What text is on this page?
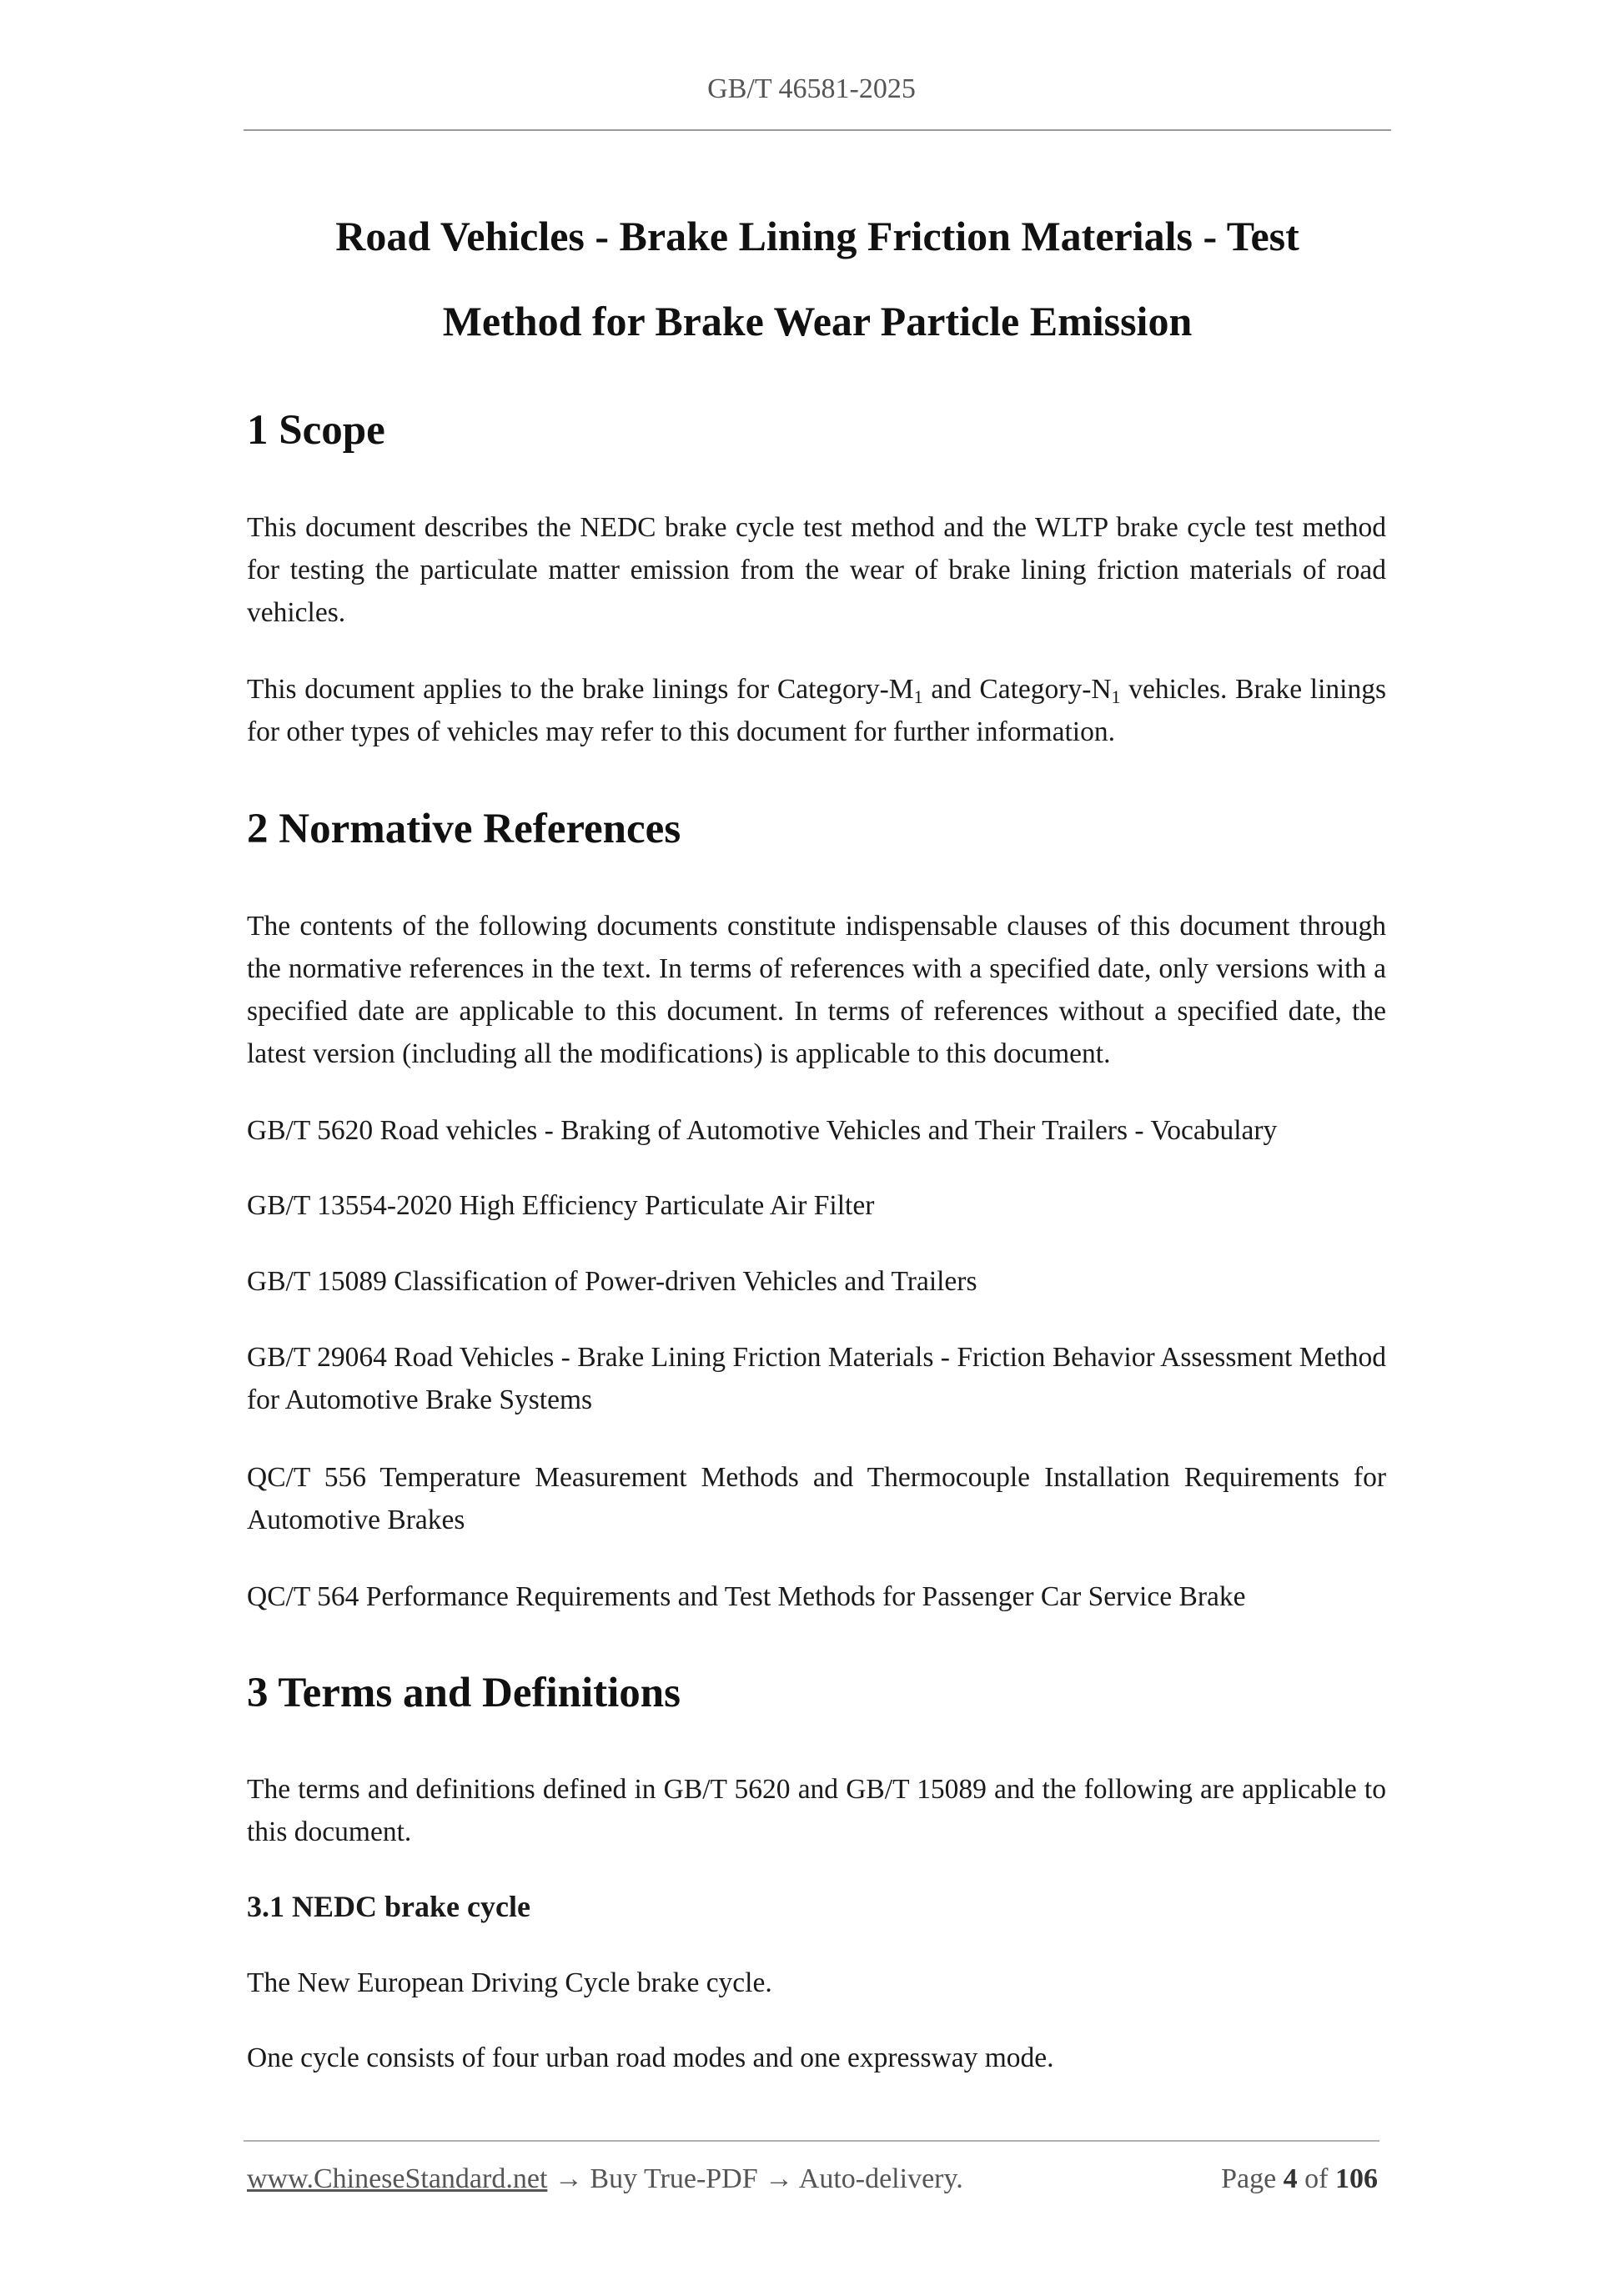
GB/T 46581-2025
Road Vehicles - Brake Lining Friction Materials - Test
Method for Brake Wear Particle Emission
1 Scope

This document describes the NEDC brake cycle test method and the WLTP brake cycle test method for testing the particulate matter emission from the wear of brake lining friction materials of road vehicles.

This document applies to the brake linings for Category-$M_1$ and Category-$N_1$ vehicles. Brake linings for other types of vehicles may refer to this document for further information.

2 Normative References

The contents of the following documents constitute indispensable clauses of this document through the normative references in the text. In terms of references with a specified date, only versions with a specified date are applicable to this document. In terms of references without a specified date, the latest version (including all the modifications) is applicable to this document.

GB/T 5620 Road vehicles - Braking of Automotive Vehicles and Their Trailers - Vocabulary

GB/T 13554-2020 High Efficiency Particulate Air Filter

GB/T 15089 Classification of Power-driven Vehicles and Trailers

GB/T 29064 Road Vehicles - Brake Lining Friction Materials - Friction Behavior Assessment Method for Automotive Brake Systems

QC/T 556 Temperature Measurement Methods and Thermocouple Installation Requirements for Automotive Brakes

QC/T 564 Performance Requirements and Test Methods for Passenger Car Service Brake

3 Terms and Definitions

The terms and definitions defined in GB/T 5620 and GB/T 15089 and the following are applicable to this document.

3.1 NEDC brake cycle

The New European Driving Cycle brake cycle.

One cycle consists of four urban road modes and one expressway mode.

www.ChineseStandard.net → Buy True-PDF → Auto-delivery.	Page 4 of 106
